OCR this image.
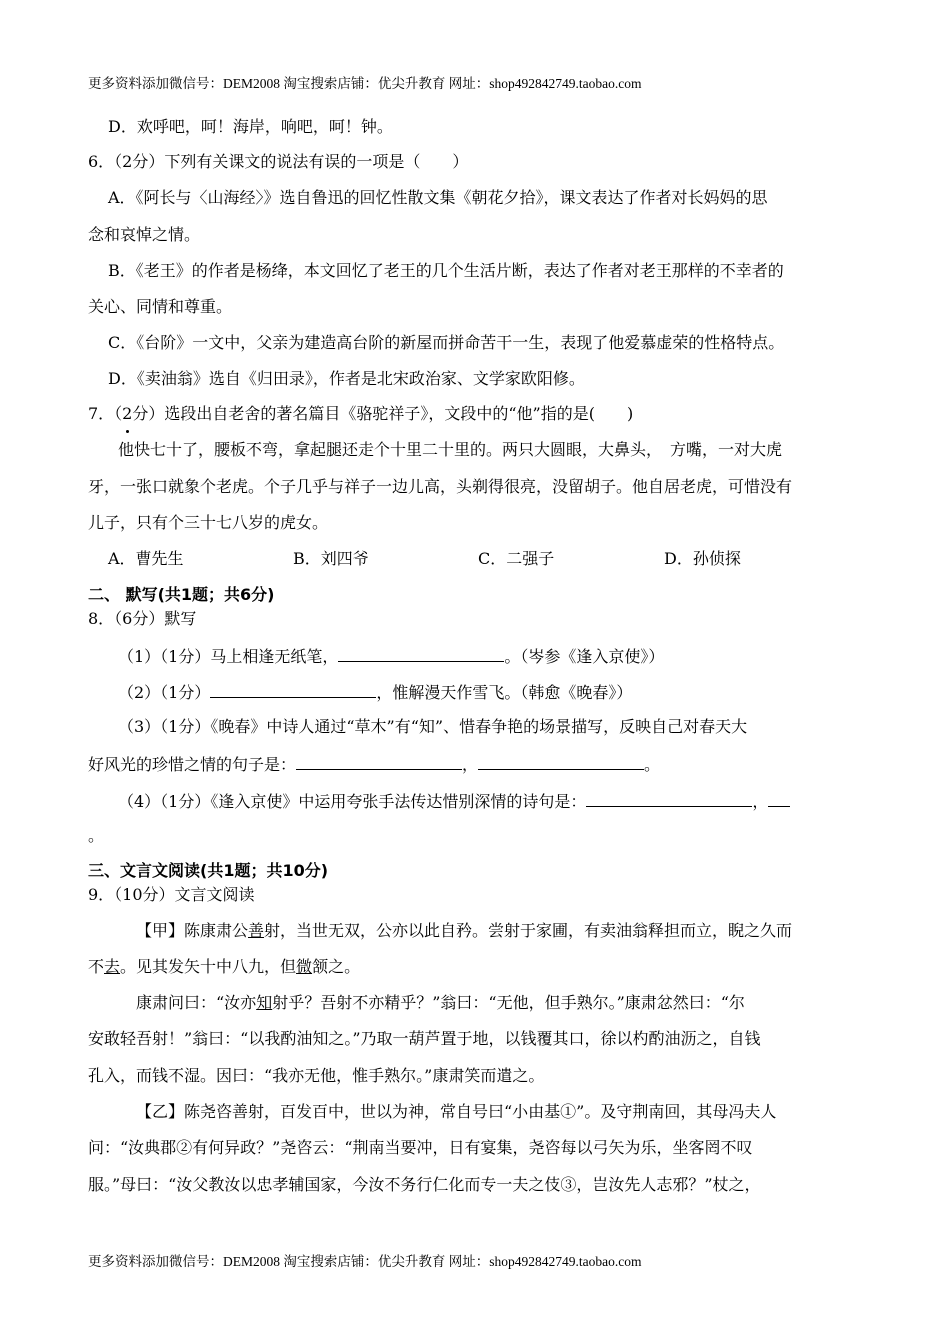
更多资料添加微信号：DEM2008 淘宝搜索店铺：优尖升教育 网址：shop492842749.taobao.com
D．欢呼吧，呵！海岸，响吧，呵！钟。
6．（2分）下列有关课文的说法有误的一项是（　　）
A．《阿长与〈山海经〉》选自鲁迅的回忆性散文集《朝花夕拾》，课文表达了作者对长妈妈的思
念和哀悼之情。
B．《老王》的作者是杨绛，本文回忆了老王的几个生活片断，表达了作者对老王那样的不幸者的
关心、同情和尊重。
C．《台阶》一文中，父亲为建造高台阶的新屋而拼命苦干一生，表现了他爱慕虚荣的性格特点。
D．《卖油翁》选自《归田录》，作者是北宋政治家、文学家欧阳修。
7．（2分）选段出自老舍的著名篇目《骆驼祥子》，文段中的“他”指的是(　　)
他快七十了，腰板不弯，拿起腿还走个十里二十里的。两只大圆眼，大鼻头，　方嘴，一对大虎
牙，一张口就象个老虎。个子几乎与祥子一边儿高，头剃得很亮，没留胡子。他自居老虎，可惜没有
儿子，只有个三十七八岁的虎女。
A．曹先生	B．刘四爷	C．二强子	D．孙侦探
二、 默写(共1题；共6分)
8．（6分）默写
（1）（1分）马上相逢无纸笔，	。（岑参《逢入京使》）
（2）（1分）	，惟解漫天作雪飞。（韩愈《晚春》）
（3）（1分）《晚春》中诗人通过“草木”有“知”、惜春争艳的场景描写，反映自己对春天大
好风光的珍惜之情的句子是：	，	。
（4）（1分）《逢入京使》中运用夸张手法传达惜别深情的诗句是：	，
。
三、文言文阅读(共1题；共10分)
9．（10分）文言文阅读
【甲】陈康肃公善射，当世无双，公亦以此自矜。尝射于家圃，有卖油翁释担而立，睨之久而
不去。见其发矢十中八九，但微颔之。
康肃问曰：“汝亦知射乎？吾射不亦精乎？”翁曰：“无他，但手熟尔。”康肃忿然曰：“尔
安敢轻吾射！”翁曰：“以我酌油知之。”乃取一葫芦置于地，以钱覆其口，徐以杓酌油沥之，自钱
孔入，而钱不湿。因曰：“我亦无他，惟手熟尔。”康肃笑而遣之。
【乙】陈尧咨善射，百发百中，世以为神，常自号曰“小由基①”。及守荆南回，其母冯夫人
问：“汝典郡②有何异政？”尧咨云：“荆南当要冲，日有宴集，尧咨每以弓矢为乐，坐客罔不叹
服。”母曰：“汝父教汝以忠孝辅国家，今汝不务行仁化而专一夫之伎③，岂汝先人志邪？”杖之，
更多资料添加微信号：DEM2008 淘宝搜索店铺：优尖升教育 网址：shop492842749.taobao.com
